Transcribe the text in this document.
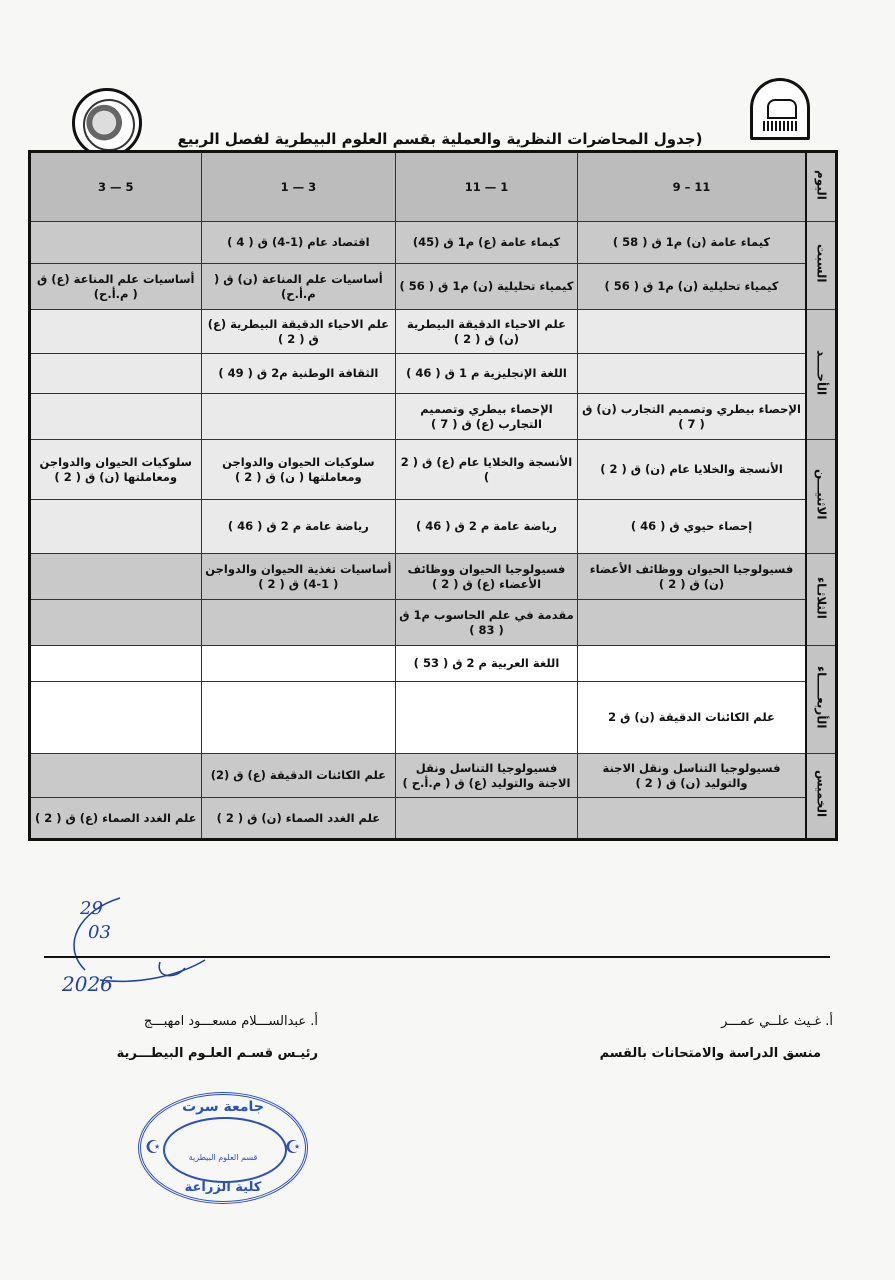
(جدول المحاضرات النظرية والعملية بقسم العلوم البيطرية لفصل الربيع
اليوم	11 – 9	1 — 11	3 — 1	5 — 3
السبت	كيماء عامة (ن) م1 ق ( 58 )	كيماء عامة (ع) م1 ق (45)	اقتصاد عام (1-4) ق ( 4 )	
	كيمياء تحليلية (ن) م1 ق ( 56 )	كيمياء تحليلية (ن) م1 ق ( 56 )	أساسيات علم المناعة (ن) ق ( م.أ.ح)	أساسيات علم المناعة (ع) ق ( م.أ.ح)
الأحــــد		علم الاحياء الدقيقة البيطرية (ن) ق ( 2 )	علم الاحياء الدقيقة البيطرية (ع) ق ( 2 )	
		اللغة الإنجليزية م 1 ق ( 46 )	الثقافة الوطنية م2 ق ( 49 )	
	الإحصاء بيطري وتصميم التجارب (ن) ق ( 7 )	الإحصاء بيطري وتصميم التجارب (ع) ق ( 7 )		
الاثنيـــن	الأنسجة والخلايا عام (ن) ق ( 2 )	الأنسجة والخلايا عام (ع) ق ( 2 )	سلوكيات الحيوان والدواجن ومعاملتها ( ن) ق ( 2 )	سلوكيات الحيوان والدواجن ومعاملتها (ن) ق ( 2 )
	إحصاء حيوي ق ( 46 )	رياضة عامة م 2 ق ( 46 )	رياضة عامة م 2 ق ( 46 )	
الثلاثـاء	فسيولوجيا الحيوان ووظائف الأعضاء (ن) ق ( 2 )	فسيولوجيا الحيوان ووظائف الأعضاء (ع) ق ( 2 )	أساسيات تغذية الحيوان والدواجن ( 1-4) ق ( 2 )	
		مقدمة في علم الحاسوب م1 ق ( 83 )		
الأربعـــــاء		اللغة العربية م 2 ق ( 53 )		
	علم الكائنات الدقيقة (ن) ق 2			
الخميس	فسيولوجيا التناسل ونقل الاجنة والتوليد (ن) ق ( 2 )	فسيولوجيا التناسل ونقل الاجنة والتوليد (ع) ق ( م.أ.ح )	علم الكائنات الدقيقة (ع) ق (2)	
			علم الغدد الصماء (ن) ق ( 2 )	علم الغدد الصماء (ع) ق ( 2 )
29
03
2026
أ. غـيث علــي عمـــر
منسق الدراسة والامتحانات بالقسم
أ. عبدالســـلام مسعـــود امهبـــج
رئيـس قسـم العلـوم البيطـــرية
جامعة سرت
قسم العلوم البيطرية
كلية الزراعة
☪	☪
